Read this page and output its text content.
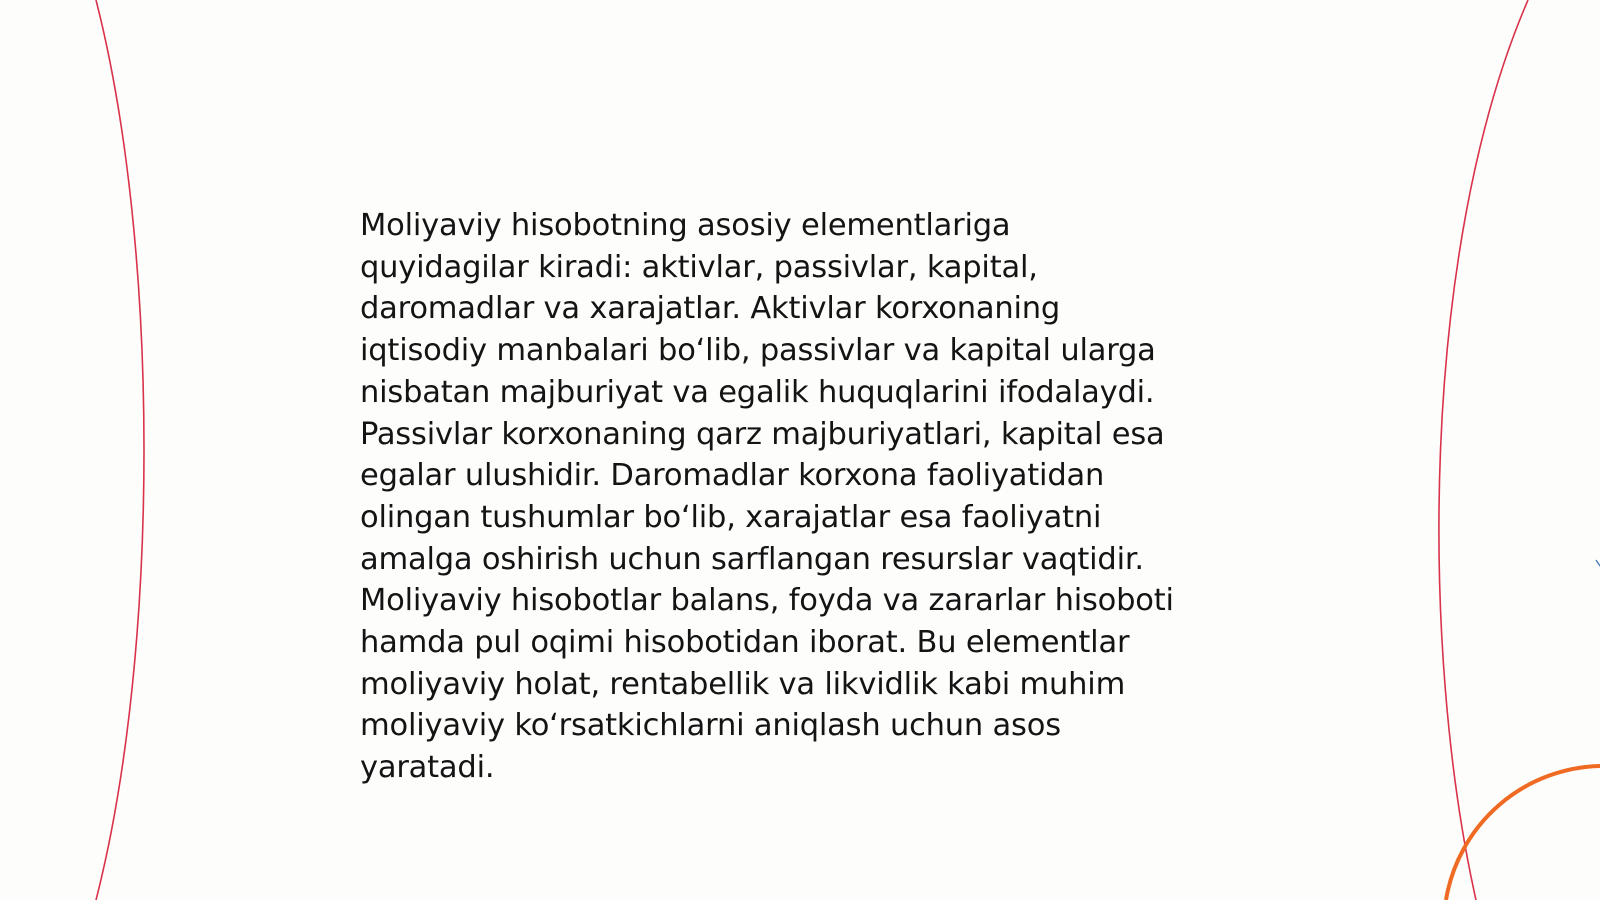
Moliyaviy hisobotning asosiy elementlariga
quyidagilar kiradi: aktivlar, passivlar, kapital,
daromadlar va xarajatlar. Aktivlar korxonaning
iqtisodiy manbalari bo‘lib, passivlar va kapital ularga
nisbatan majburiyat va egalik huquqlarini ifodalaydi.
Passivlar korxonaning qarz majburiyatlari, kapital esa
egalar ulushidir. Daromadlar korxona faoliyatidan
olingan tushumlar bo‘lib, xarajatlar esa faoliyatni
amalga oshirish uchun sarflangan resurslar vaqtidir.
Moliyaviy hisobotlar balans, foyda va zararlar hisoboti
hamda pul oqimi hisobotidan iborat. Bu elementlar
moliyaviy holat, rentabellik va likvidlik kabi muhim
moliyaviy ko‘rsatkichlarni aniqlash uchun asos
yaratadi.
